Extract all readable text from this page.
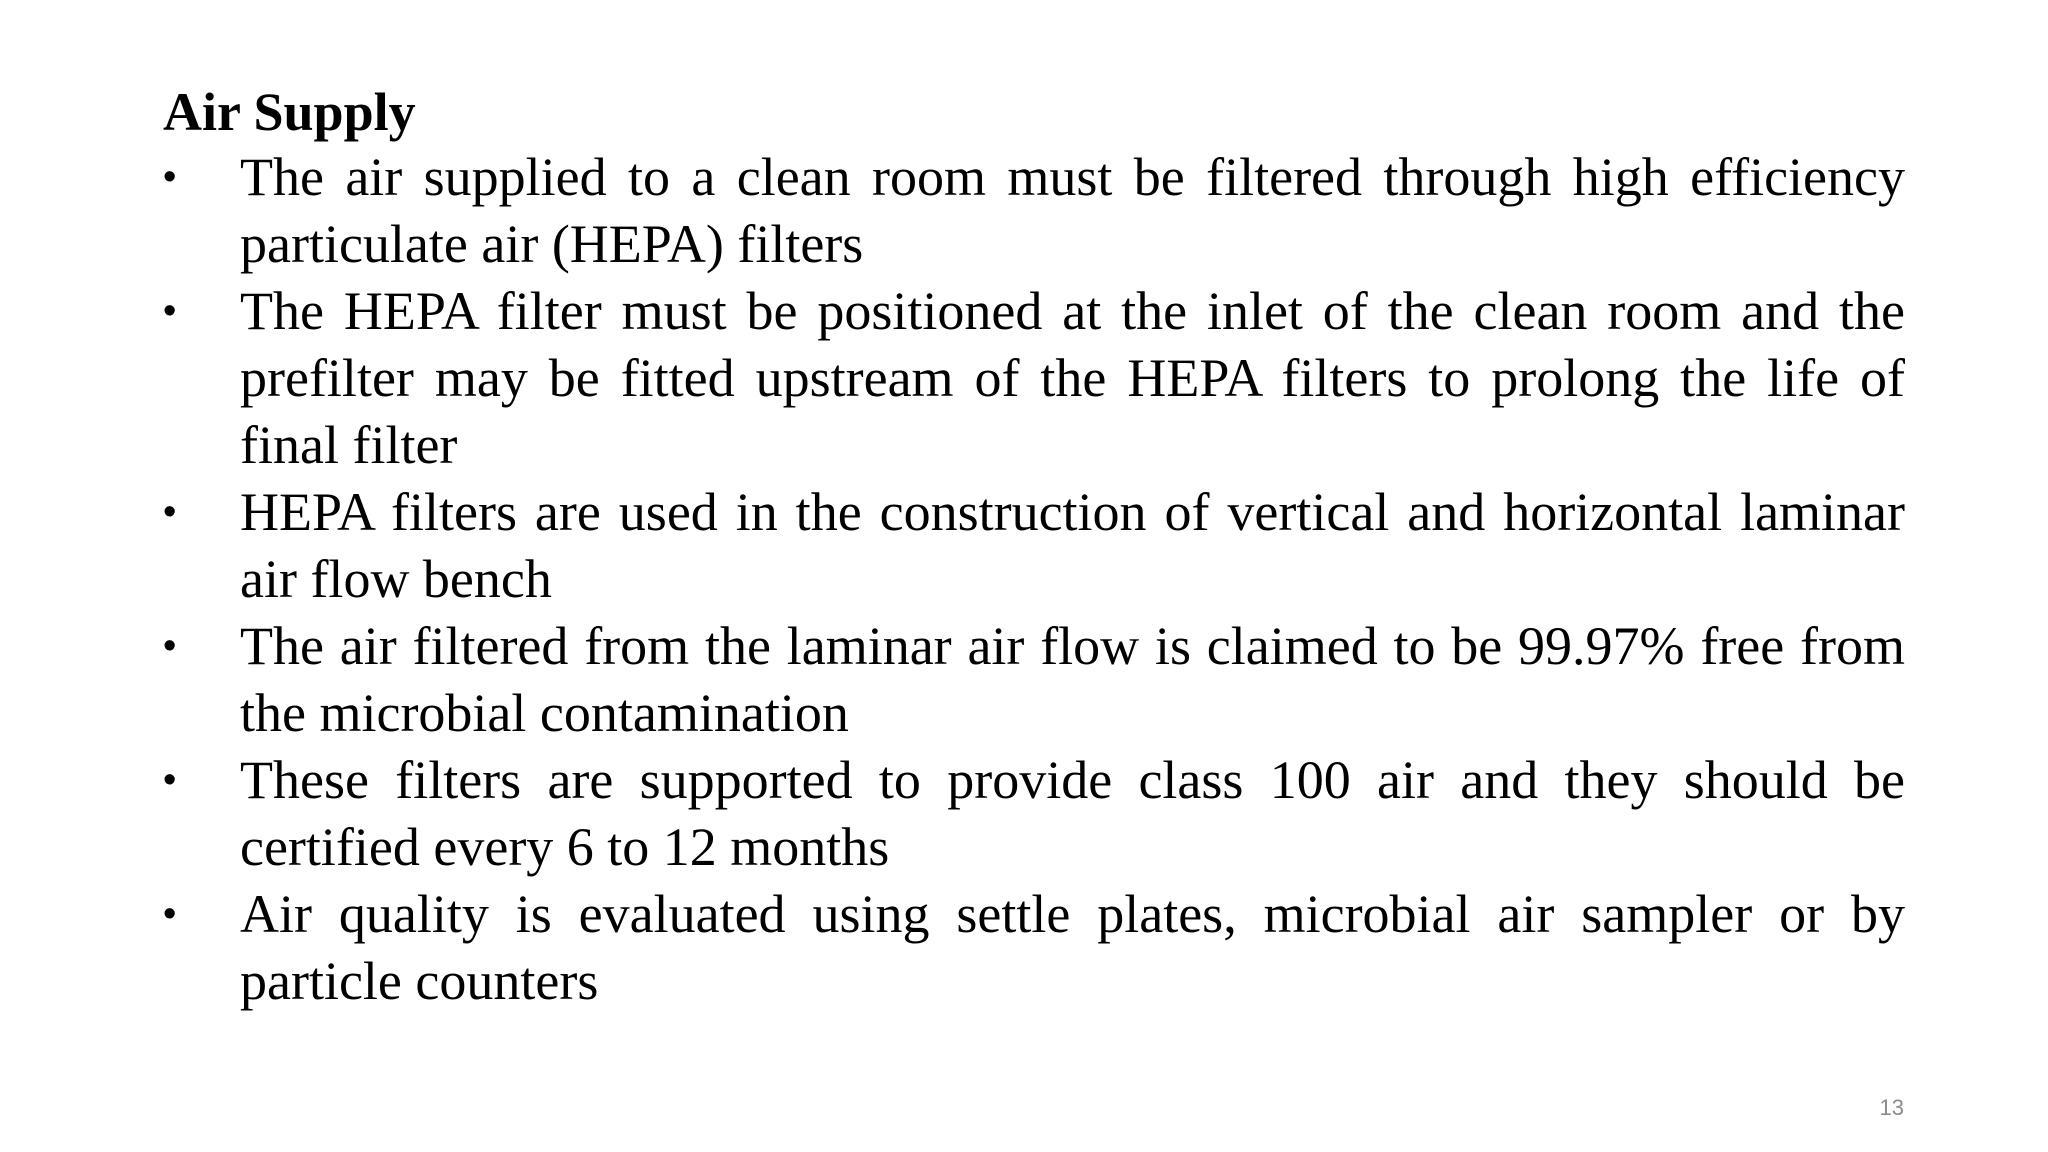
Air Supply
• The air supplied to a clean room must be filtered through high efficiency particulate air (HEPA) filters
• The HEPA filter must be positioned at the inlet of the clean room and the prefilter may be fitted upstream of the HEPA filters to prolong the life of final filter
• HEPA filters are used in the construction of vertical and horizontal laminar air flow bench
• The air filtered from the laminar air flow is claimed to be 99.97% free from the microbial contamination
• These filters are supported to provide class 100 air and they should be certified every 6 to 12 months
• Air quality is evaluated using settle plates, microbial air sampler or by particle counters
13
